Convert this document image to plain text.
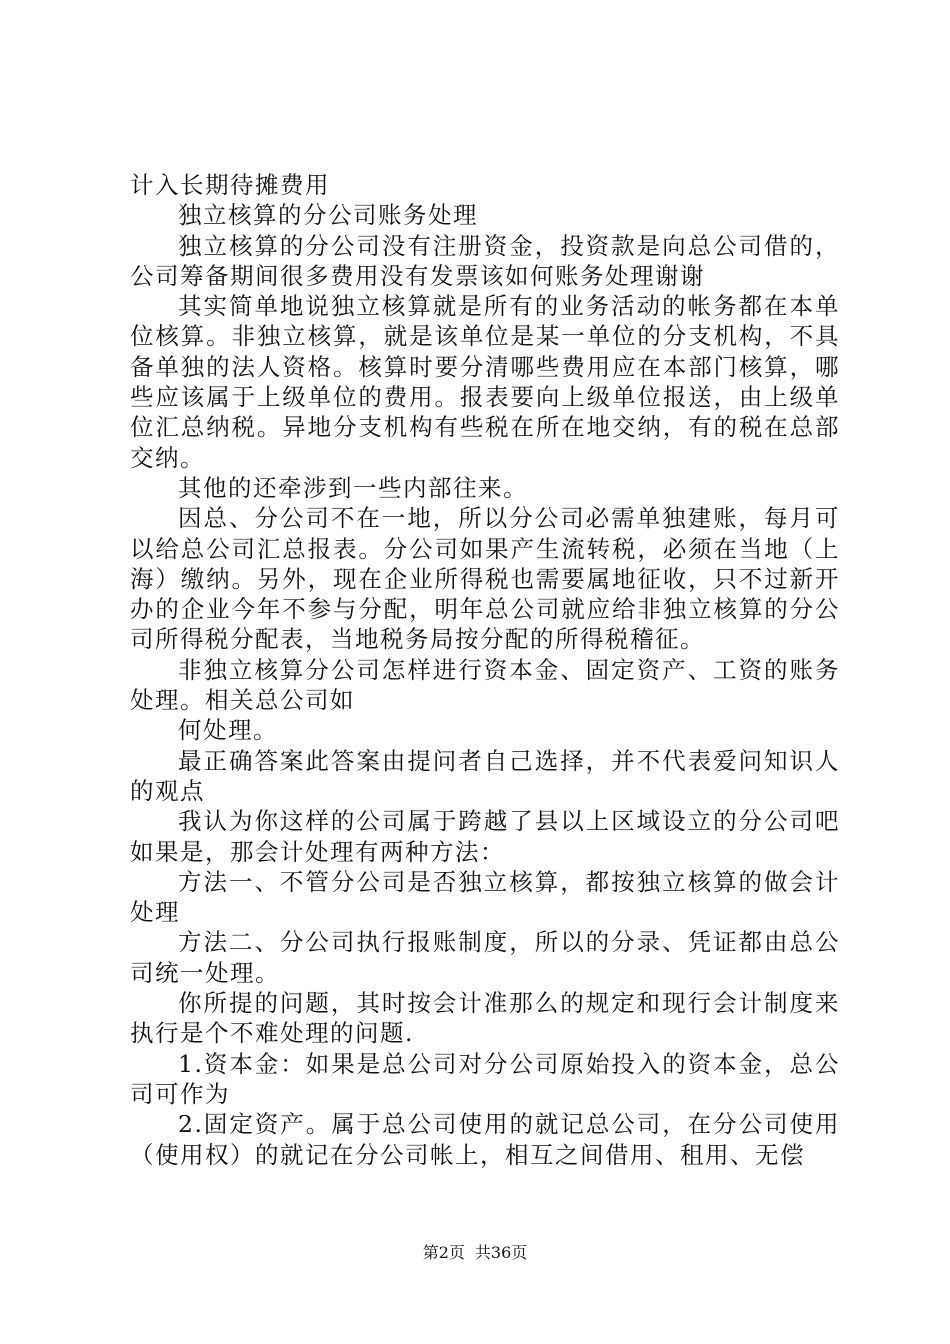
计入长期待摊费用

独立核算的分公司账务处理

独立核算的分公司没有注册资金，投资款是向总公司借的，公司筹备期间很多费用没有发票该如何账务处理谢谢

其实简单地说独立核算就是所有的业务活动的帐务都在本单位核算。非独立核算，就是该单位是某一单位的分支机构，不具备单独的法人资格。核算时要分清哪些费用应在本部门核算，哪些应该属于上级单位的费用。报表要向上级单位报送，由上级单位汇总纳税。异地分支机构有些税在所在地交纳，有的税在总部交纳。

其他的还牵涉到一些内部往来。

因总、分公司不在一地，所以分公司必需单独建账，每月可以给总公司汇总报表。分公司如果产生流转税，必须在当地（上海）缴纳。另外，现在企业所得税也需要属地征收，只不过新开办的企业今年不参与分配，明年总公司就应给非独立核算的分公司所得税分配表，当地税务局按分配的所得税稽征。

非独立核算分公司怎样进行资本金、固定资产、工资的账务处理。相关总公司如

何处理。

最正确答案此答案由提问者自己选择，并不代表爱问知识人的观点

我认为你这样的公司属于跨越了县以上区域设立的分公司吧如果是，那会计处理有两种方法：

方法一、不管分公司是否独立核算，都按独立核算的做会计处理

方法二、分公司执行报账制度，所以的分录、凭证都由总公司统一处理。

你所提的问题，其时按会计准那么的规定和现行会计制度来执行是个不难处理的问题.

1.资本金：如果是总公司对分公司原始投入的资本金，总公司可作为

2.固定资产。属于总公司使用的就记总公司，在分公司使用（使用权）的就记在分公司帐上，相互之间借用、租用、无偿

第2页 共36页
